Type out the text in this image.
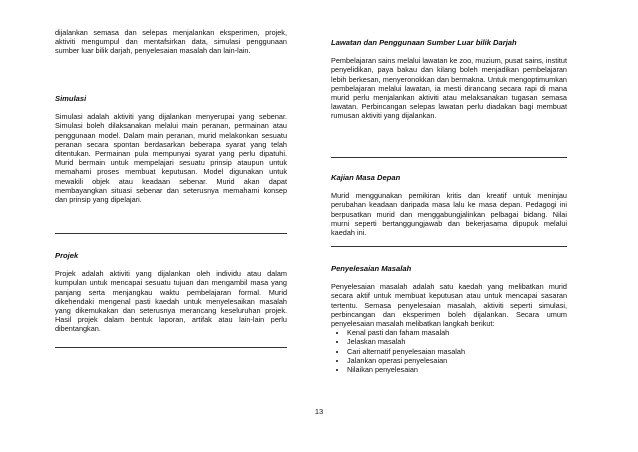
dijalankan semasa dan selepas menjalankan eksperimen, projek, aktiviti mengumpul dan mentafsirkan data, simulasi penggunaan sumber luar bilik darjah, penyelesaian masalah dan lain-lain.

Simulasi

Simulasi adalah aktiviti yang dijalankan menyerupai yang sebenar. Simulasi boleh dilaksanakan melalui main peranan, permainan atau penggunaan model. Dalam main peranan, murid melakonkan sesuatu peranan secara spontan berdasarkan beberapa syarat yang telah ditentukan. Permainan pula mempunyai syarat yang perlu dipatuhi. Murid bermain untuk mempelajari sesuatu prinsip ataupun untuk memahami proses membuat keputusan. Model digunakan untuk mewakili objek atau keadaan sebenar. Murid akan dapat membayangkan situasi sebenar dan seterusnya memahami konsep dan prinsip yang dipelajari.

Projek

Projek adalah aktiviti yang dijalankan oleh individu atau dalam kumpulan untuk mencapai sesuatu tujuan dan mengambil masa yang panjang serta menjangkau waktu pembelajaran formal. Murid dikehendaki mengenal pasti kaedah untuk menyelesaikan masalah yang dikemukakan dan seterusnya merancang keseluruhan projek. Hasil projek dalam bentuk laporan, artifak atau lain-lain perlu dibentangkan.

Lawatan dan Penggunaan Sumber Luar bilik Darjah

Pembelajaran sains melalui lawatan ke zoo, muzium, pusat sains, institut penyelidikan, paya bakau dan kilang boleh menjadikan pembelajaran lebih berkesan, menyeronokkan dan bermakna. Untuk mengoptimumkan pembelajaran melalui lawatan, ia mesti dirancang secara rapi di mana murid perlu menjalankan aktiviti atau melaksanakan tugasan semasa lawatan. Perbincangan selepas lawatan perlu diadakan bagi membuat rumusan aktiviti yang dijalankan.

Kajian Masa Depan

Murid menggunakan pemikiran kritis dan kreatif untuk meninjau perubahan keadaan daripada masa lalu ke masa depan. Pedagogi ini berpusatkan murid dan menggabungjalinkan pelbagai bidang. Nilai murni seperti bertanggungjawab dan bekerjasama dipupuk melalui kaedah ini.

Penyelesaian Masalah

Penyelesaian masalah adalah satu kaedah yang melibatkan murid secara aktif untuk membuat keputusan atau untuk mencapai sasaran tertentu. Semasa penyelesaian masalah, aktiviti seperti simulasi, perbincangan dan eksperimen boleh dijalankan. Secara umum penyelesaian masalah melibatkan langkah berikut:

• Kenal pasti dan faham masalah
• Jelaskan masalah
• Cari alternatif penyelesaian masalah
• Jalankan operasi penyelesaian
• Nilaikan penyelesaian
13
